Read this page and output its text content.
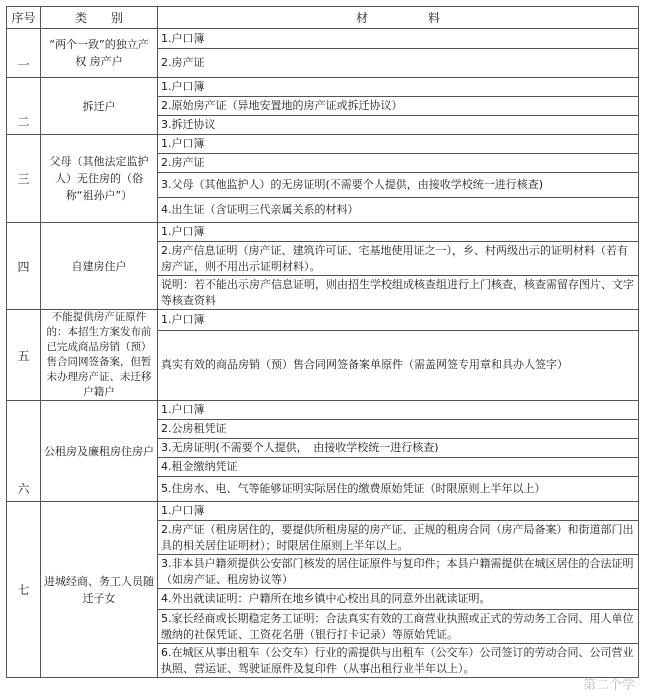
序号	类　　别	材　　　　　料
一	“两个一致”的独立产权 房产户	1.户口簿
		2.房产证
二	拆迁户	1.户口簿
		2.原始房产证（异地安置地的房产证或拆迁协议）
		3.拆迁协议
三	父母（其他法定监护人）无住房的（俗称“祖孙户”）	1.户口簿
		2.房产证
		3.父母（其他监护人）的无房证明(不需要个人提供，由接收学校统一进行核查)
		4.出生证（含证明三代亲属关系的材料）
四	自建房住户	1.户口簿
		2.房产信息证明（房产证、建筑许可证、宅基地使用证之一），乡、村两级出示的证明材料（若有房产证，则不用出示证明材料）。
		说明：若不能出示房产信息证明，则由招生学校组成核查组进行上门核查，核查需留存图片、文字等核查资料
五	不能提供房产证原件的：本招生方案发布前已完成商品房销（预）售合同网签备案，但暂未办理房产证、未迁移户籍户	1.户口簿
		真实有效的商品房销（预）售合同网签备案单原件（需盖网签专用章和具办人签字）
六	公租房及廉租房住房户	1.户口簿
		2.公房租凭证
		3.无房证明(不需要个人提供，　由接收学校统一进行核查)
		4.租金缴纳凭证
		5.住房水、电、气等能够证明实际居住的缴费原始凭证（时限原则上半年以上）
七	进城经商、务工人员随迁子女	1.户口簿
		2.房产证（租房居住的，要提供所租房屋的房产证、正规的租房合同（房产局备案）和街道部门出具的相关居住证明材）；时限居住原则上半年以上。
		3.非本县户籍须提供公安部门核发的居住证原件与复印件；本县户籍需提供在城区居住的合法证明（如房产证、租房协议等）
		4.外出就读证明：户籍所在地乡镇中心校出具的同意外出就读证明。
		5.家长经商或长期稳定务工证明：合法真实有效的工商营业执照或正式的劳动务工合同、用人单位缴纳的社保凭证、工资花名册（银行打卡记录）等原始凭证。
		6.在城区从事出租车（公交车）行业的需提供与出租车（公交车）公司签订的劳动合同、公司营业执照、营运证、驾驶证原件及复印件（从事出租行业半年以上）。
第二个学
